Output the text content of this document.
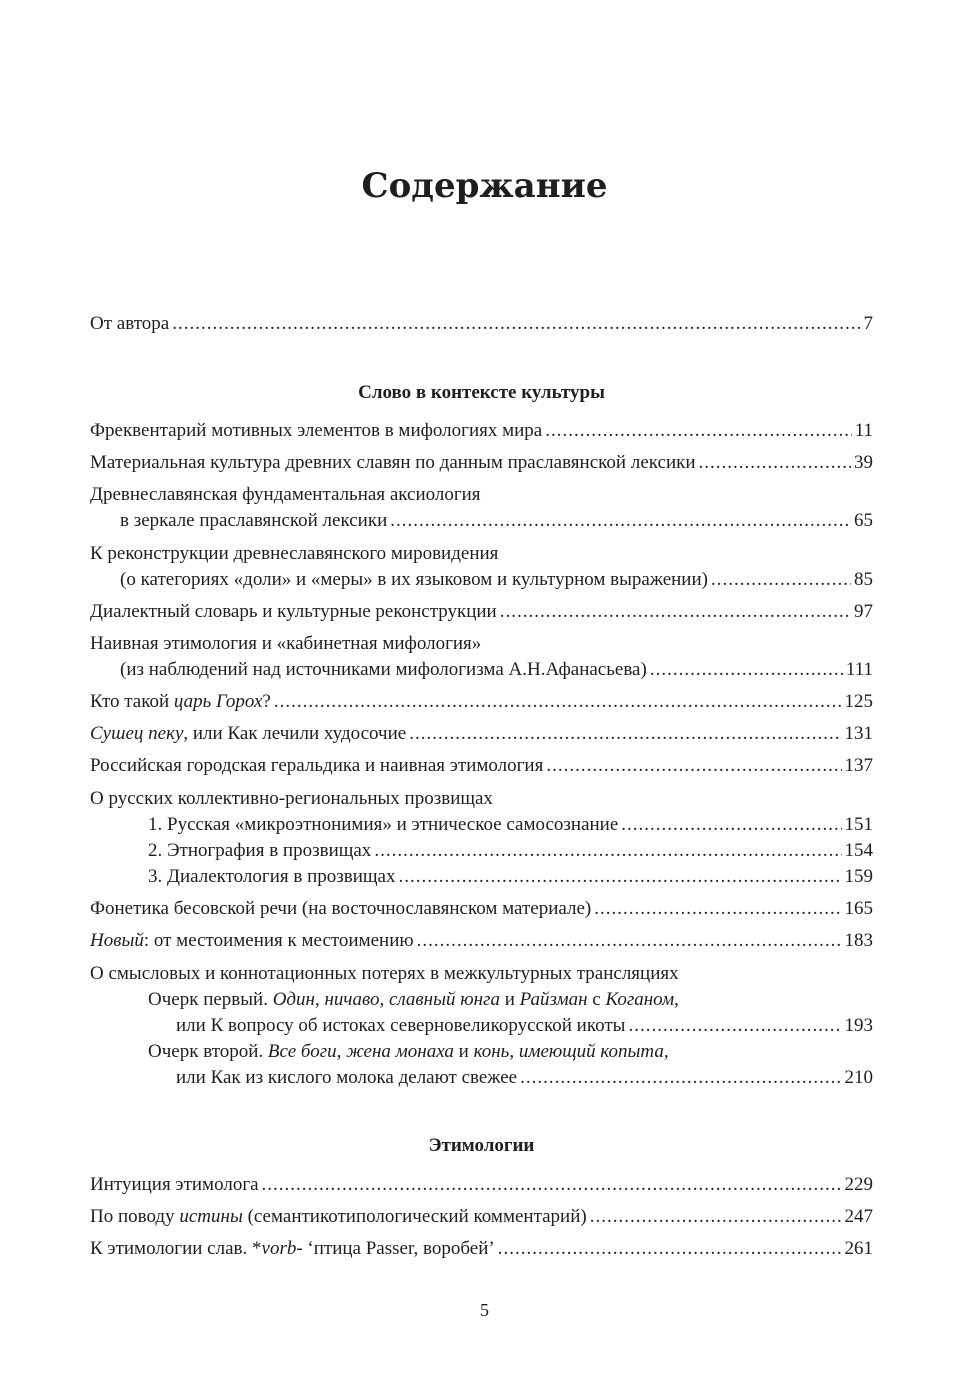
Содержание
От автора .....	7
Слово в контексте культуры
Фреквентарий мотивных элементов в мифологиях мира .....	11
Материальная культура древних славян по данным праславянской лексики .....	39
Древнеславянская фундаментальная аксиология
в зеркале праславянской лексики .....	65
К реконструкции древнеславянского мировидения
(о категориях «доли» и «меры» в их языковом и культурном выражении) .....	85
Диалектный словарь и культурные реконструкции .....	97
Наивная этимология и «кабинетная мифология»
(из наблюдений над источниками мифологизма А.Н.Афанасьева) .....	111
Кто такой царь Горох? .....	125
Сушец пеку, или Как лечили худосочие .....	131
Российская городская геральдика и наивная этимология .....	137
О русских коллективно-региональных прозвищах
1. Русская «микроэтнонимия» и этническое самосознание .....	151
2. Этнография в прозвищах .....	154
3. Диалектология в прозвищах .....	159
Фонетика бесовской речи (на восточнославянском материале) .....	165
Новый: от местоимения к местоимению .....	183
О смысловых и коннотационных потерях в межкультурных трансляциях
Очерк первый. Один, ничаво, славный юнга и Райзман с Коганом,
или К вопросу об истоках северновеликорусской икоты .....	193
Очерк второй. Все боги, жена монаха и конь, имеющий копыта,
или Как из кислого молока делают свежее .....	210
Этимологии
Интуиция этимолога .....	229
По поводу истины (семантикотипологический комментарий) .....	247
К этимологии слав. *vorb- ‘птица Passer, воробей’ .....	261
5
